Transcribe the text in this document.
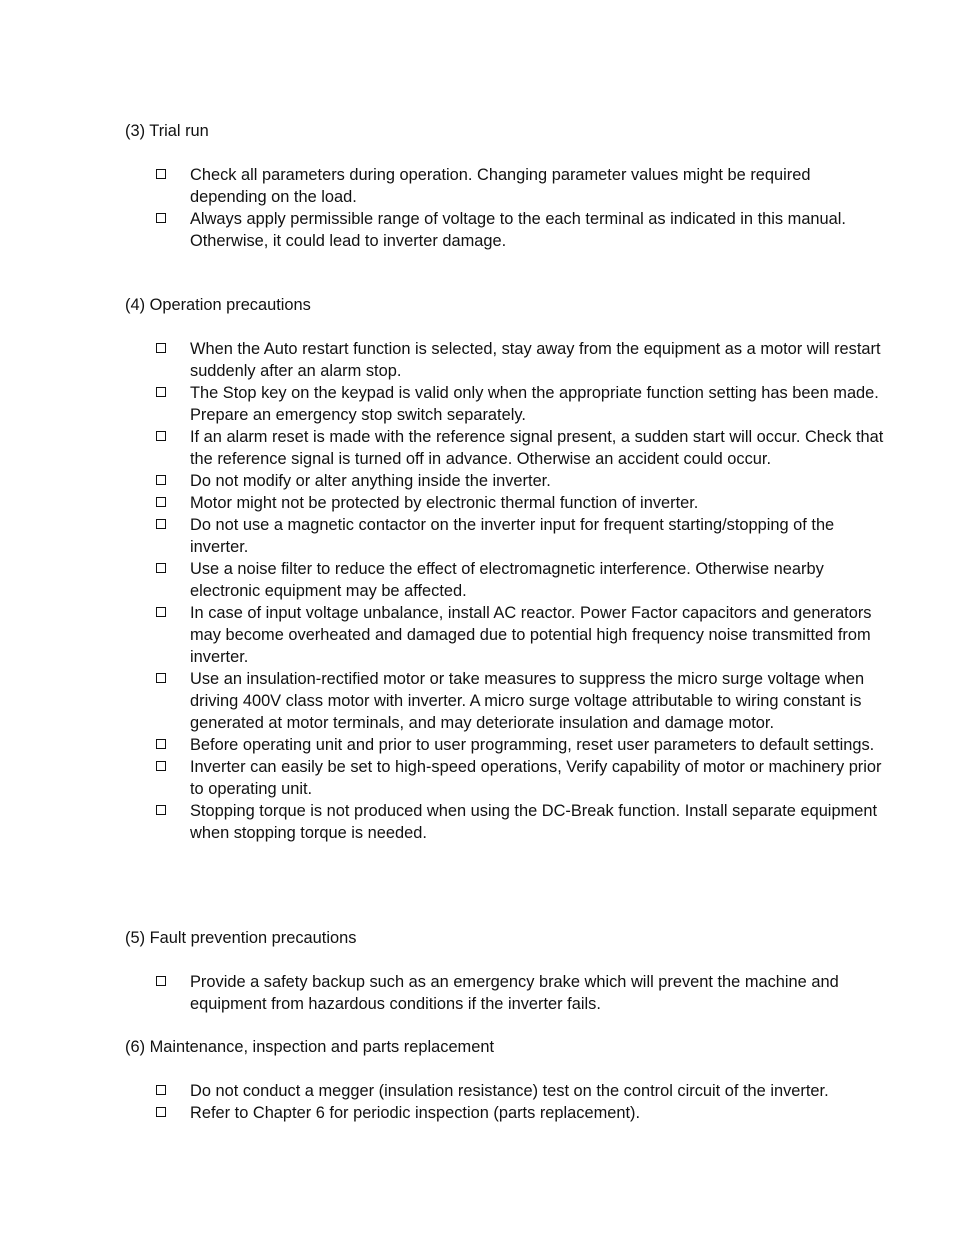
(3) Trial run

Check all parameters during operation. Changing parameter values might be required depending on the load.
Always apply permissible range of voltage to the each terminal as indicated in this manual. Otherwise, it could lead to inverter damage.

(4) Operation precautions

When the Auto restart function is selected, stay away from the equipment as a motor will restart suddenly after an alarm stop.
The Stop key on the keypad is valid only when the appropriate function setting has been made. Prepare an emergency stop switch separately.
If an alarm reset is made with the reference signal present, a sudden start will occur. Check that the reference signal is turned off in advance. Otherwise an accident could occur.
Do not modify or alter anything inside the inverter.
Motor might not be protected by electronic thermal function of inverter.
Do not use a magnetic contactor on the inverter input for frequent starting/stopping of the inverter.
Use a noise filter to reduce the effect of electromagnetic interference. Otherwise nearby electronic equipment may be affected.
In case of input voltage unbalance, install AC reactor. Power Factor capacitors and generators may become overheated and damaged due to potential high frequency noise transmitted from inverter.
Use an insulation-rectified motor or take measures to suppress the micro surge voltage when driving 400V class motor with inverter. A micro surge voltage attributable to wiring constant is generated at motor terminals, and may deteriorate insulation and damage motor.
Before operating unit and prior to user programming, reset user parameters to default settings.
Inverter can easily be set to high-speed operations, Verify capability of motor or machinery prior to operating unit.
Stopping torque is not produced when using the DC-Break function. Install separate equipment when stopping torque is needed.

(5) Fault prevention precautions

Provide a safety backup such as an emergency brake which will prevent the machine and equipment from hazardous conditions if the inverter fails.

(6) Maintenance, inspection and parts replacement

Do not conduct a megger (insulation resistance) test on the control circuit of the inverter.
Refer to Chapter 6 for periodic inspection (parts replacement).
